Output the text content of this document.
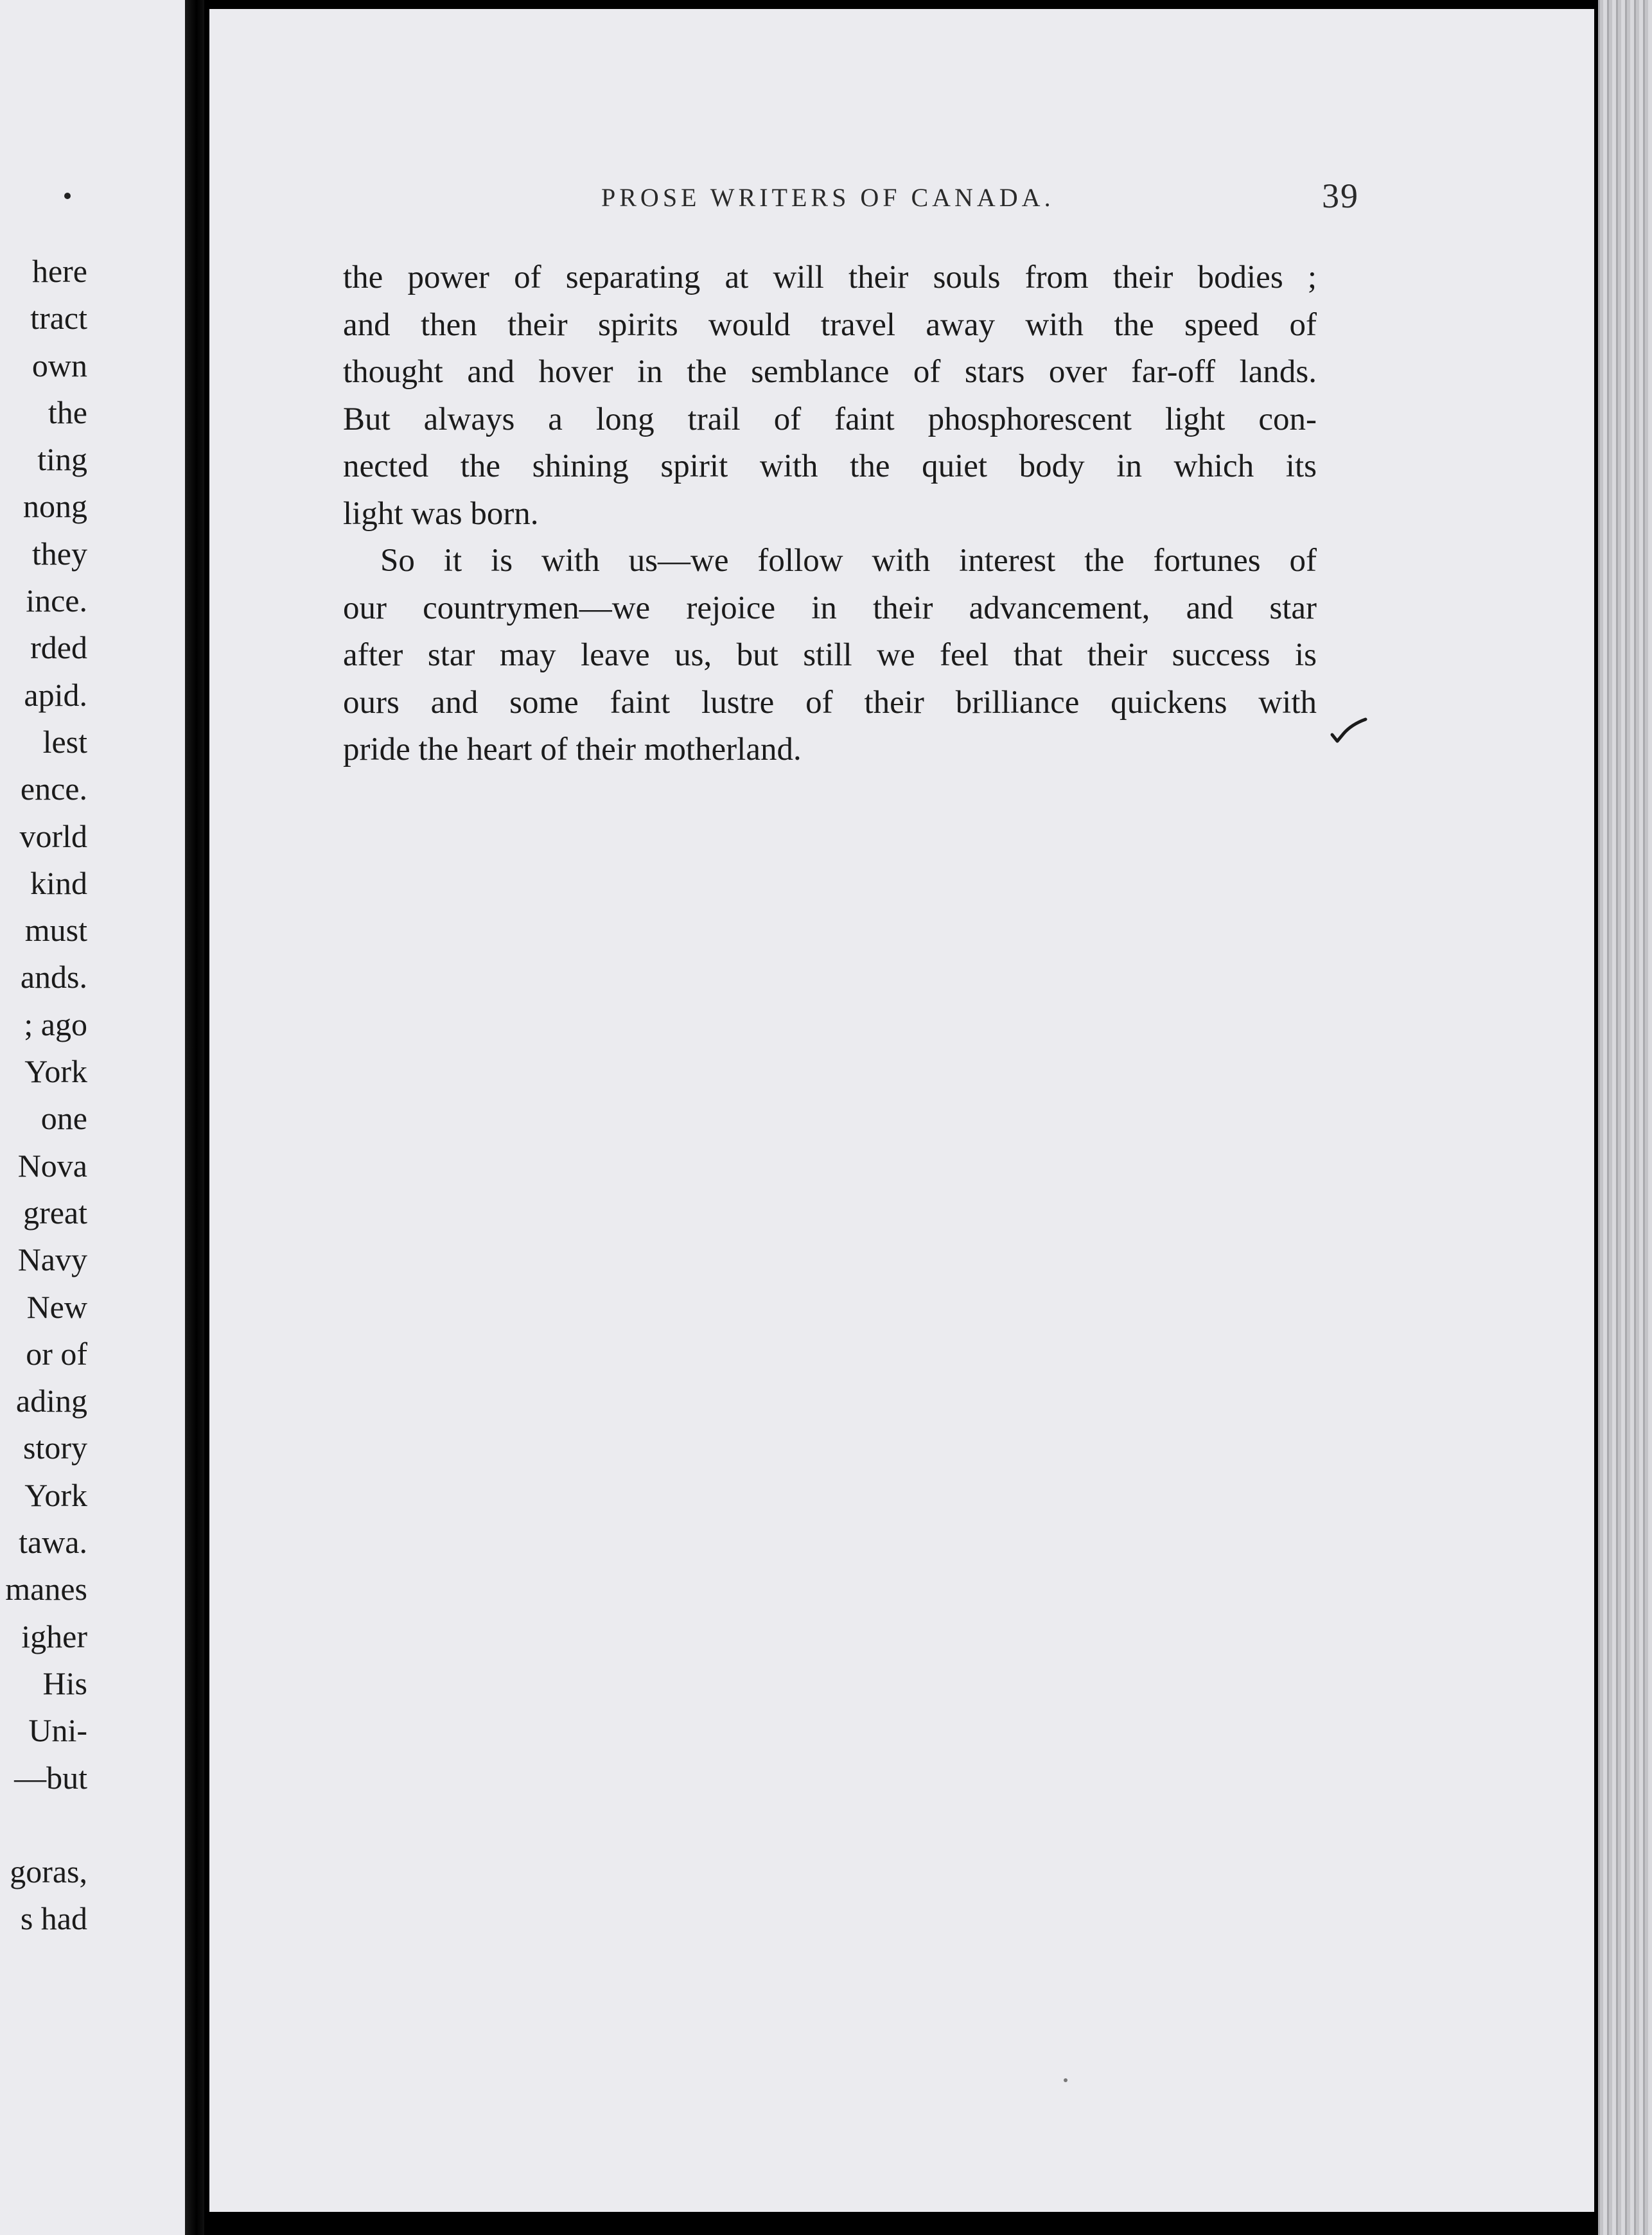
here
tract
own
the
ting
nong
they
ince.
rded
apid.
lest
ence.
vorld
kind
must
ands.
; ago
York
one
Nova
great
Navy
New
or of
ading
story
York
tawa.
manes
igher
His
Uni-
—but
goras,
s had
PROSE WRITERS OF CANADA.	39
the power of separating at will their souls from their bodies ;
and then their spirits would travel away with the speed of
thought and hover in the semblance of stars over far-off lands.
But always a long trail of faint phosphorescent light con-
nected the shining spirit with the quiet body in which its
light was born.
So it is with us—we follow with interest the fortunes of
our countrymen—we rejoice in their advancement, and star
after star may leave us, but still we feel that their success is
ours and some faint lustre of their brilliance quickens with
pride the heart of their motherland.
